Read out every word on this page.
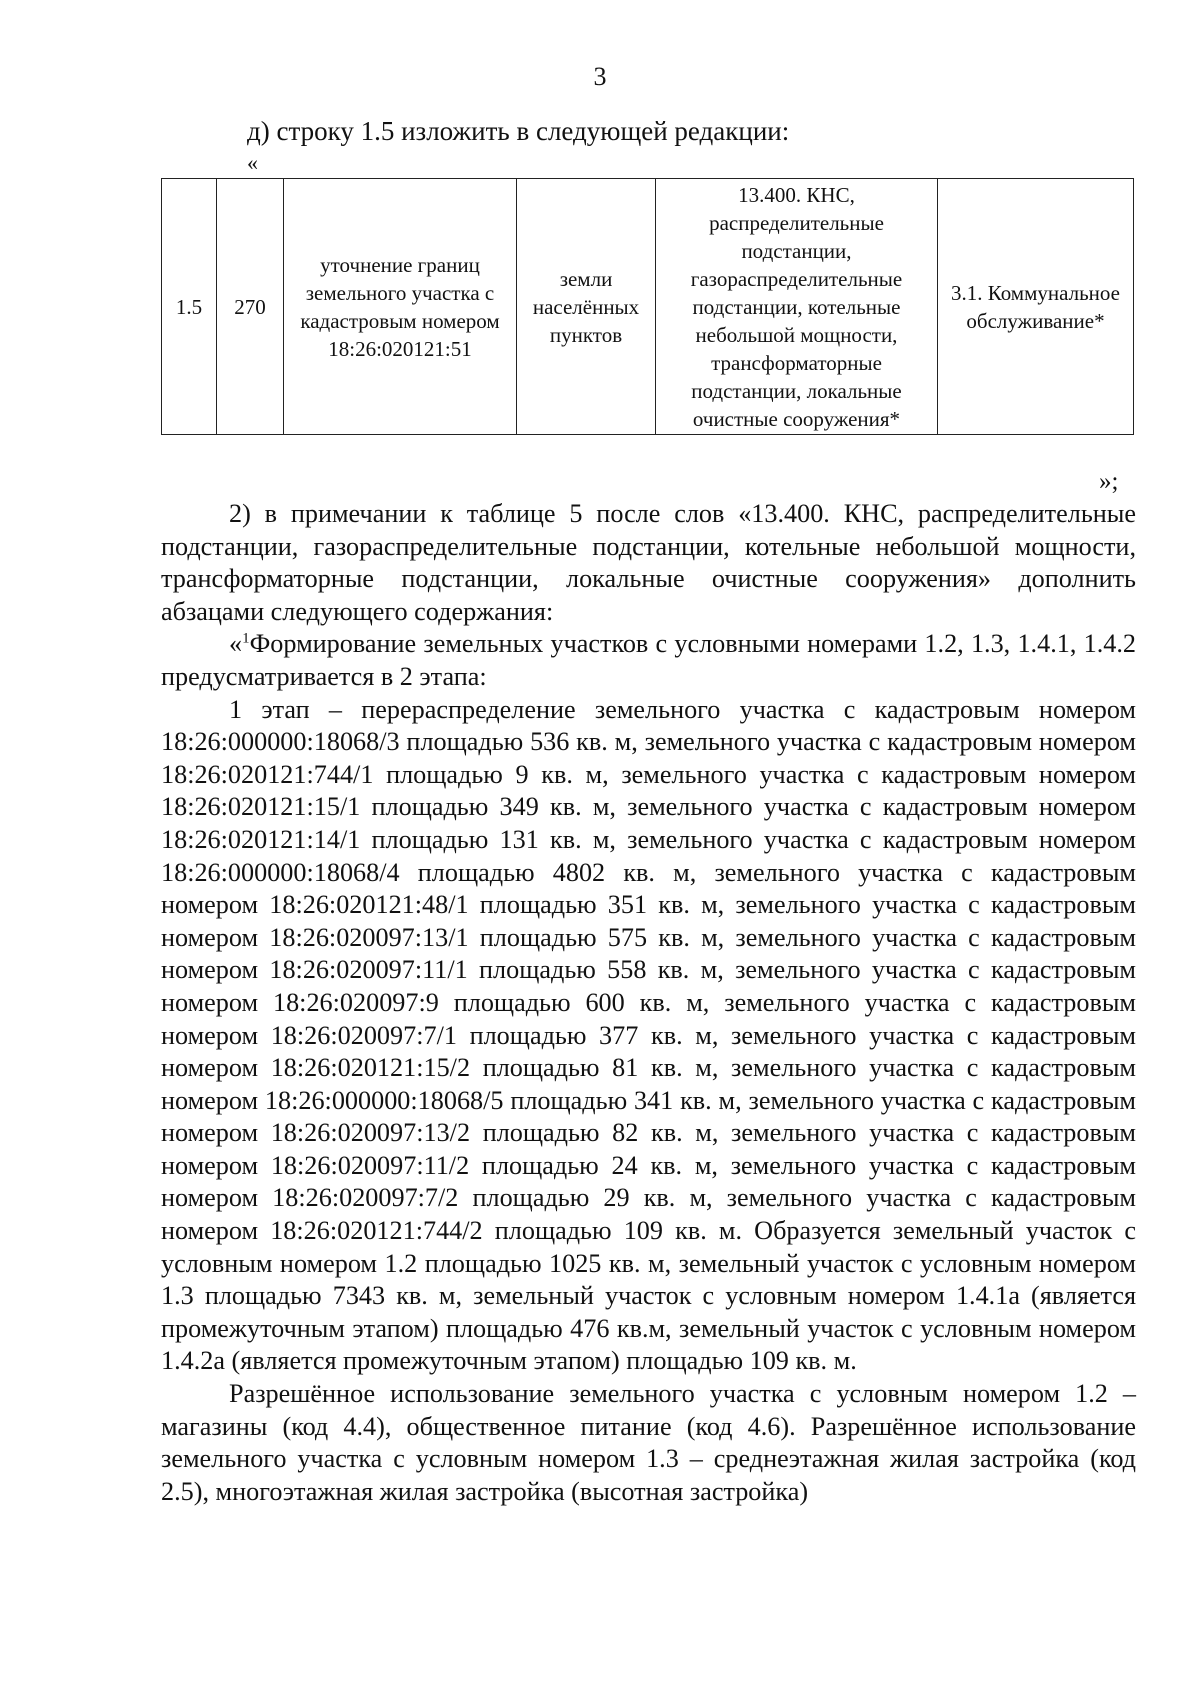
3
д) строку 1.5 изложить в следующей редакции:
«
1.5	270	уточнение границ земельного участка с кадастровым номером 18:26:020121:51	земли населённых пунктов	13.400. КНС, распределительные подстанции, газораспределительные подстанции, котельные небольшой мощности, трансформаторные подстанции, локальные очистные сооружения*	3.1. Коммунальное обслуживание*
»;

2) в примечании к таблице 5 после слов «13.400. КНС, распределительные подстанции, газораспределительные подстанции, котельные небольшой мощности, трансформаторные подстанции, локальные очистные сооружения» дополнить абзацами следующего содержания:

«$^1$Формирование земельных участков с условными номерами 1.2, 1.3, 1.4.1, 1.4.2 предусматривается в 2 этапа:

1 этап – перераспределение земельного участка с кадастровым номером 18:26:000000:18068/3 площадью 536 кв. м, земельного участка с кадастровым номером 18:26:020121:744/1 площадью 9 кв. м, земельного участка с кадастровым номером 18:26:020121:15/1 площадью 349 кв. м, земельного участка с кадастровым номером 18:26:020121:14/1 площадью 131 кв. м, земельного участка с кадастровым номером 18:26:000000:18068/4 площадью 4802 кв. м, земельного участка с кадастровым номером 18:26:020121:48/1 площадью 351 кв. м, земельного участка с кадастровым номером 18:26:020097:13/1 площадью 575 кв. м, земельного участка с кадастровым номером 18:26:020097:11/1 площадью 558 кв. м, земельного участка с кадастровым номером 18:26:020097:9 площадью 600 кв. м, земельного участка с кадастровым номером 18:26:020097:7/1 площадью 377 кв. м, земельного участка с кадастровым номером 18:26:020121:15/2 площадью 81 кв. м, земельного участка с кадастровым номером 18:26:000000:18068/5 площадью 341 кв. м, земельного участка с кадастровым номером 18:26:020097:13/2 площадью 82 кв. м, земельного участка с кадастровым номером 18:26:020097:11/2 площадью 24 кв. м, земельного участка с кадастровым номером 18:26:020097:7/2 площадью 29 кв. м, земельного участка с кадастровым номером 18:26:020121:744/2 площадью 109 кв. м. Образуется земельный участок с условным номером 1.2 площадью 1025 кв. м, земельный участок с условным номером 1.3 площадью 7343 кв. м, земельный участок с условным номером 1.4.1а (является промежуточным этапом) площадью 476 кв.м, земельный участок с условным номером 1.4.2а (является промежуточным этапом) площадью 109 кв. м.

Разрешённое использование земельного участка с условным номером 1.2 – магазины (код 4.4), общественное питание (код 4.6). Разрешённое использование земельного участка с условным номером 1.3 – среднеэтажная жилая застройка (код 2.5), многоэтажная жилая застройка (высотная застройка)
